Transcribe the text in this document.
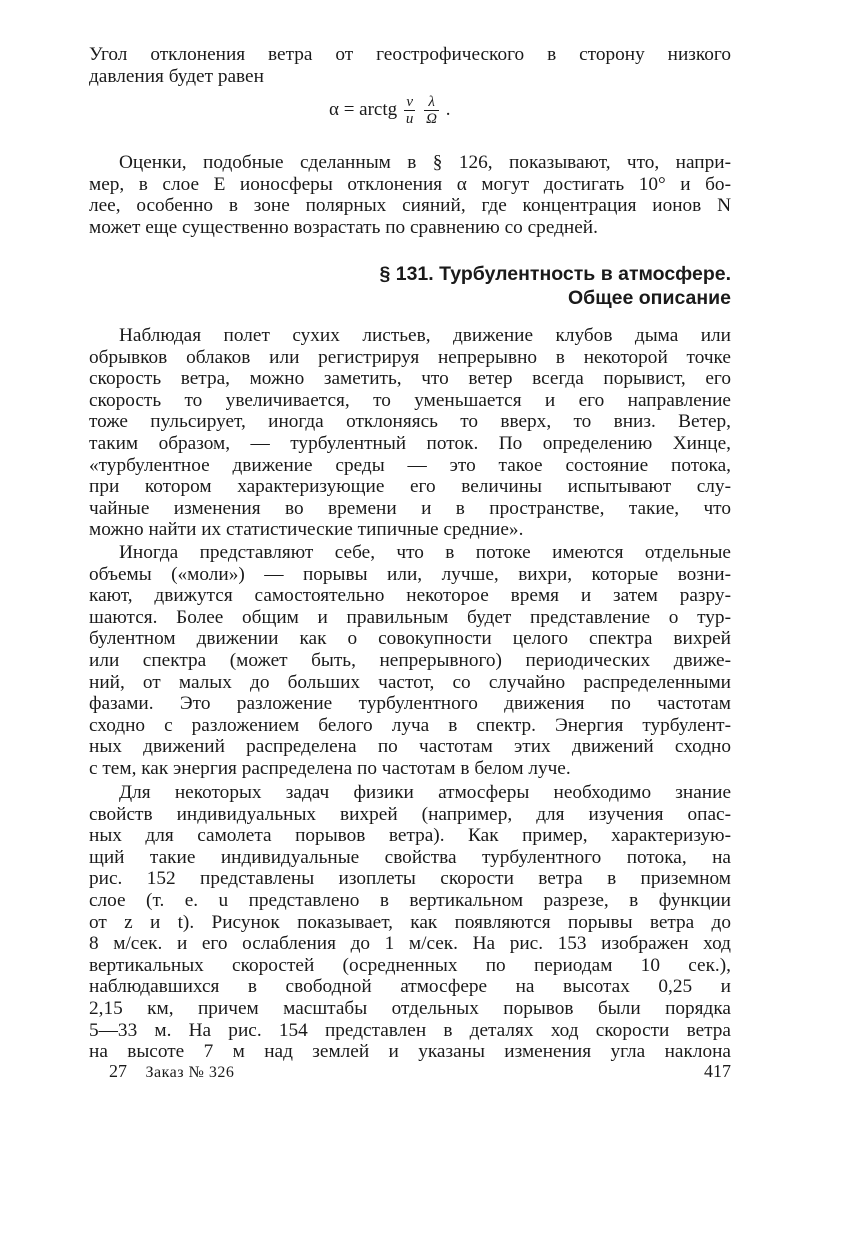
Угол отклонения ветра от геострофического в сторону низкого
давления будет равен
α = arctg $\frac{v}{u}$
$\frac{\lambda}{\Omega}$ .
Оценки, подобные сделанным в § 126, показывают, что, напри-
мер, в слое E ионосферы отклонения α могут достигать 10° и бо-
лее, особенно в зоне полярных сияний, где концентрация ионов N
может еще существенно возрастать по сравнению со средней.
§ 131. Турбулентность в атмосфере.
Общее описание
Наблюдая полет сухих листьев, движение клубов дыма или
обрывков облаков или регистрируя непрерывно в некоторой точке
скорость ветра, можно заметить, что ветер всегда порывист, его
скорость то увеличивается, то уменьшается и его направление
тоже пульсирует, иногда отклоняясь то вверх, то вниз. Ветер,
таким образом, — турбулентный поток. По определению Хинце,
«турбулентное движение среды — это такое состояние потока,
при котором характеризующие его величины испытывают слу-
чайные изменения во времени и в пространстве, такие, что
можно найти их статистические типичные средние».
Иногда представляют себе, что в потоке имеются отдельные
объемы («моли») — порывы или, лучше, вихри, которые возни-
кают, движутся самостоятельно некоторое время и затем разру-
шаются. Более общим и правильным будет представление о тур-
булентном движении как о совокупности целого спектра вихрей
или спектра (может быть, непрерывного) периодических движе-
ний, от малых до больших частот, со случайно распределенными
фазами. Это разложение турбулентного движения по частотам
сходно с разложением белого луча в спектр. Энергия турбулент-
ных движений распределена по частотам этих движений сходно
с тем, как энергия распределена по частотам в белом луче.
Для некоторых задач физики атмосферы необходимо знание
свойств индивидуальных вихрей (например, для изучения опас-
ных для самолета порывов ветра). Как пример, характеризую-
щий такие индивидуальные свойства турбулентного потока, на
рис. 152 представлены изоплеты скорости ветра в приземном
слое (т. е. u представлено в вертикальном разрезе, в функции
от z и t). Рисунок показывает, как появляются порывы ветра до
8 м/сек. и его ослабления до 1 м/сек. На рис. 153 изображен ход
вертикальных скоростей (осредненных по периодам 10 сек.),
наблюдавшихся в свободной атмосфере на высотах 0,25 и
2,15 км, причем масштабы отдельных порывов были порядка
5—33 м. На рис. 154 представлен в деталях ход скорости ветра
на высоте 7 м над землей и указаны изменения угла наклона
27 Заказ № 326	417
